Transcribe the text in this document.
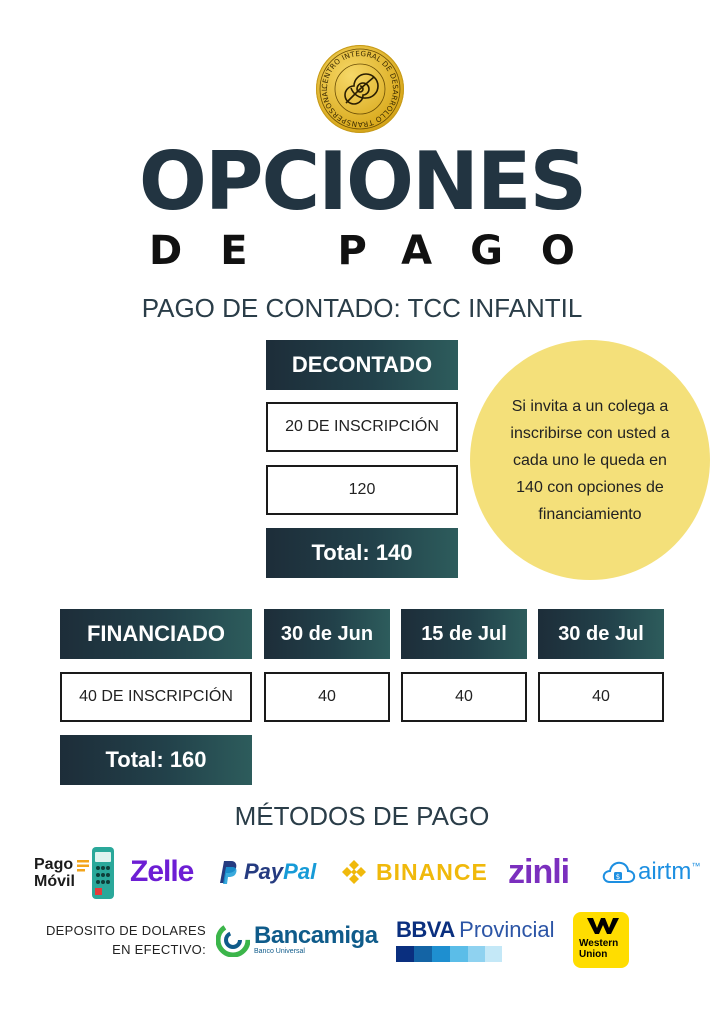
CENTRO INTEGRAL DE DESARROLLO TRANSPERSONAL
OPCIONES
DE PAGO
PAGO DE CONTADO: TCC INFANTIL
DECONTADO
20 DE INSCRIPCIÓN
120
Total: 140
Si invita a un colega a inscribirse con usted a cada uno le queda en 140 con opciones de financiamiento
FINANCIADO	30 de Jun	15 de Jul	30 de Jul
40 DE INSCRIPCIÓN	40	40	40
Total: 160
MÉTODOS DE PAGO
Pago
Móvil Zelle Pay Pal	BINANCE zinli	$ airtm ™
DEPOSITO DE DOLARES
EN EFECTIVO:
Bancamiga
Banco Universal
BBVA Provincial
Western
Union
